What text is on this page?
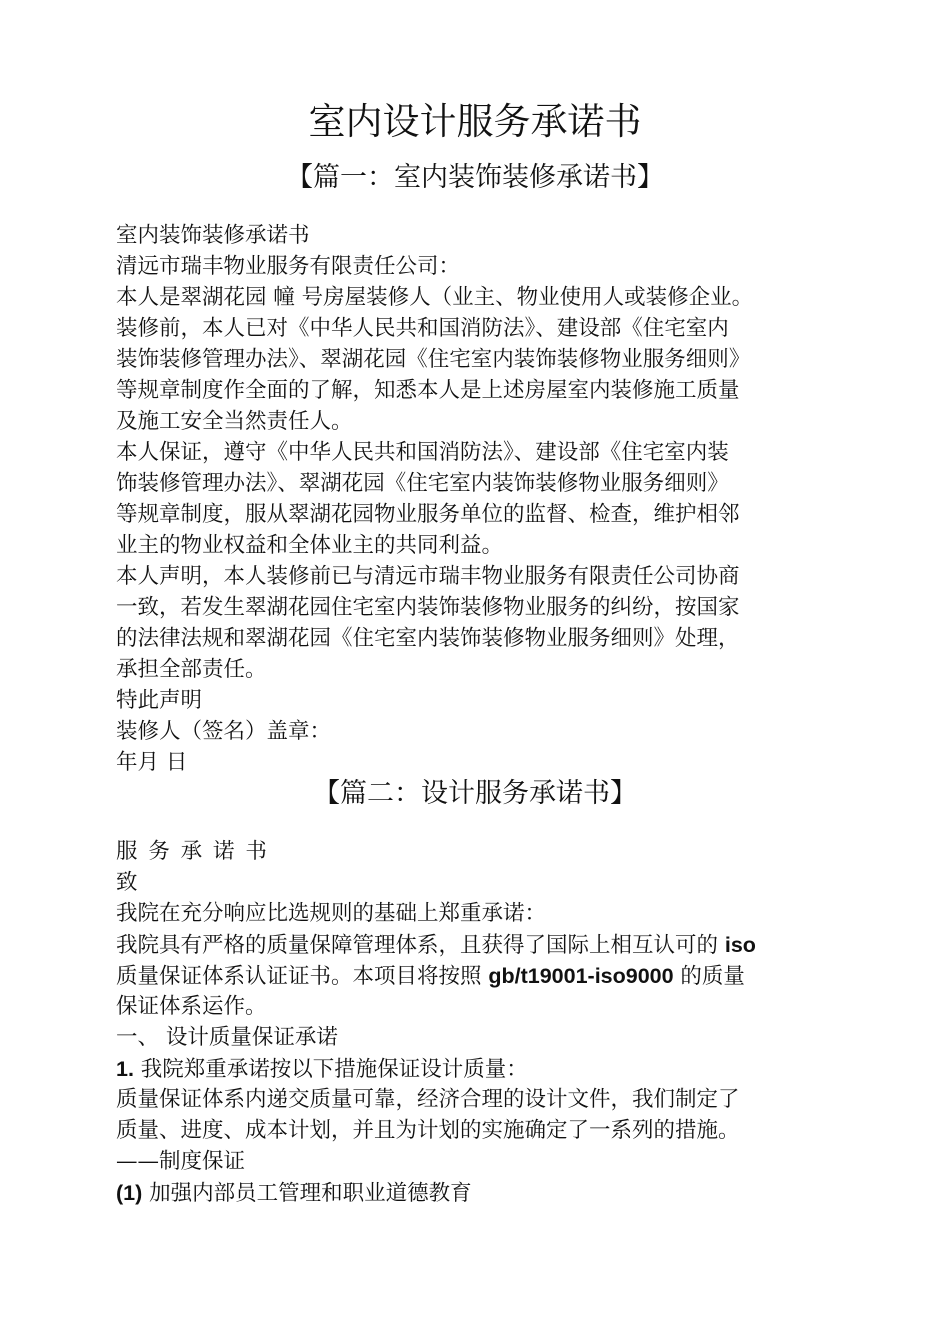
室内设计服务承诺书
【篇一：室内装饰装修承诺书】

室内装饰装修承诺书

清远市瑞丰物业服务有限责任公司：

本人是翠湖花园 幢 号房屋装修人（业主、物业使用人或装修企业。

装修前，本人已对《中华人民共和国消防法》、建设部《住宅室内

装饰装修管理办法》、翠湖花园《住宅室内装饰装修物业服务细则》

等规章制度作全面的了解，知悉本人是上述房屋室内装修施工质量

及施工安全当然责任人。

本人保证，遵守《中华人民共和国消防法》、建设部《住宅室内装

饰装修管理办法》、翠湖花园《住宅室内装饰装修物业服务细则》

等规章制度，服从翠湖花园物业服务单位的监督、检查，维护相邻

业主的物业权益和全体业主的共同利益。

本人声明，本人装修前已与清远市瑞丰物业服务有限责任公司协商

一致，若发生翠湖花园住宅室内装饰装修物业服务的纠纷，按国家

的法律法规和翠湖花园《住宅室内装饰装修物业服务细则》处理，

承担全部责任。

特此声明

装修人（签名）盖章：

年月 日

【篇二：设计服务承诺书】

服 务 承 诺 书

致

我院在充分响应比选规则的基础上郑重承诺：

我院具有严格的质量保障管理体系，且获得了国际上相互认可的 iso

质量保证体系认证证书。本项目将按照 gb/t19001-iso9000 的质量

保证体系运作。

一、 设计质量保证承诺

1. 我院郑重承诺按以下措施保证设计质量：

质量保证体系内递交质量可靠，经济合理的设计文件，我们制定了

质量、进度、成本计划，并且为计划的实施确定了一系列的措施。

——制度保证

(1) 加强内部员工管理和职业道德教育
